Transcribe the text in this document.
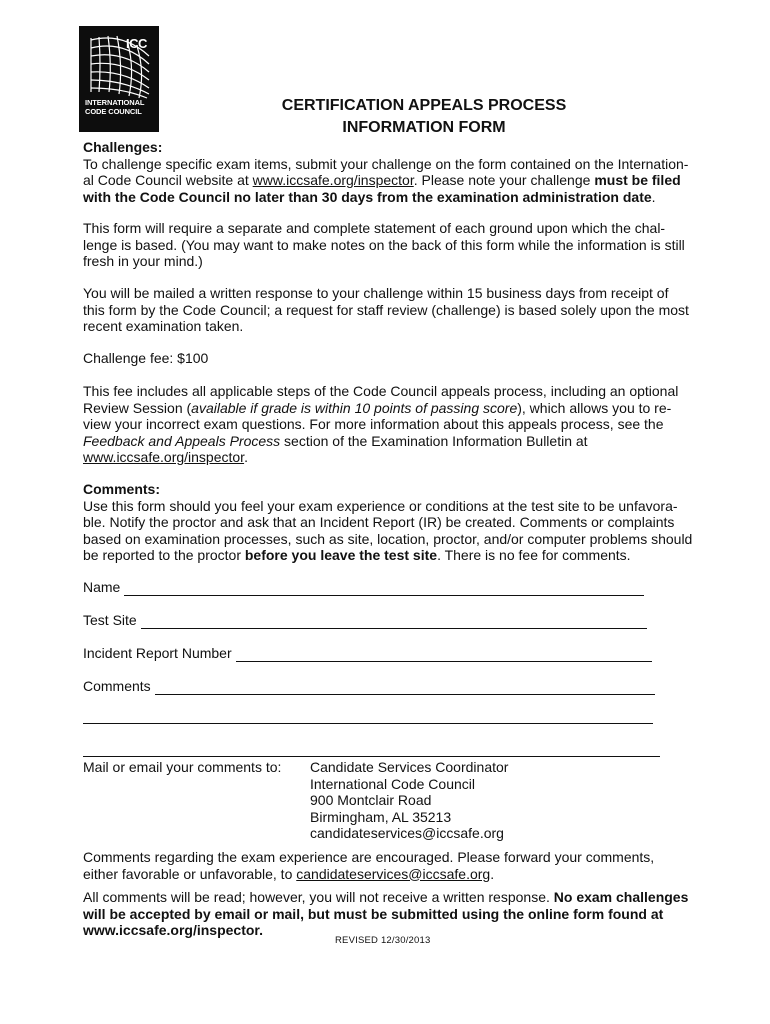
ICC
INTERNATIONAL
CODE COUNCIL	CERTIFICATION APPEALS PROCESS
INFORMATION FORM

Challenges:

To challenge specific exam items, submit your challenge on the form contained on the Internation-al Code Council website at www.iccsafe.org/inspector. Please note your challenge must be filed with the Code Council no later than 30 days from the examination administration date.

This form will require a separate and complete statement of each ground upon which the chal-lenge is based. (You may want to make notes on the back of this form while the information is still fresh in your mind.)
You will be mailed a written response to your challenge within 15 business days from receipt of this form by the Code Council; a request for staff review (challenge) is based solely upon the most recent examination taken.
Challenge fee: $100

This fee includes all applicable steps of the Code Council appeals process, including an optional Review Session (available if grade is within 10 points of passing score), which allows you to re-view your incorrect exam questions. For more information about this appeals process, see the Feedback and Appeals Process section of the Examination Information Bulletin at www.iccsafe.org/inspector.

Comments:

Use this form should you feel your exam experience or conditions at the test site to be unfavora-ble. Notify the proctor and ask that an Incident Report (IR) be created. Comments or complaints based on examination processes, such as site, location, proctor, and/or computer problems should be reported to the proctor before you leave the test site. There is no fee for comments.

Name
Test Site
Incident Report Number
Comments
Mail or email your comments to: Candidate Services Coordinator
International Code Council
900 Montclair Road
Birmingham, AL 35213
candidateservices@iccsafe.org

Comments regarding the exam experience are encouraged. Please forward your comments, either favorable or unfavorable, to candidateservices@iccsafe.org.

All comments will be read; however, you will not receive a written response. No exam challenges will be accepted by email or mail, but must be submitted using the online form found at www.iccsafe.org/inspector.

REVISED 12/30/2013
